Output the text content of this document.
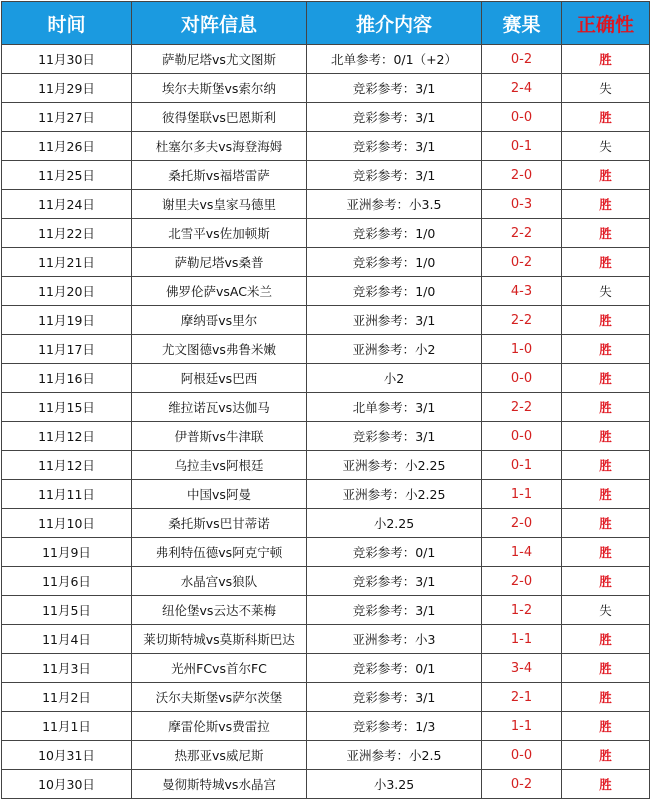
时间	对阵信息	推介内容	赛果	正确性
11月30日	萨勒尼塔vs尤文图斯	北单参考：0/1（+2）	0-2	胜
11月29日	埃尔夫斯堡vs索尔纳	竞彩参考：3/1	2-4	失
11月27日	彼得堡联vs巴恩斯利	竞彩参考：3/1	0-0	胜
11月26日	杜塞尔多夫vs海登海姆	竞彩参考：3/1	0-1	失
11月25日	桑托斯vs福塔雷萨	竞彩参考：3/1	2-0	胜
11月24日	谢里夫vs皇家马德里	亚洲参考：小3.5	0-3	胜
11月22日	北雪平vs佐加顿斯	竞彩参考：1/0	2-2	胜
11月21日	萨勒尼塔vs桑普	竞彩参考：1/0	0-2	胜
11月20日	佛罗伦萨vsAC米兰	竞彩参考：1/0	4-3	失
11月19日	摩纳哥vs里尔	亚洲参考：3/1	2-2	胜
11月17日	尤文图德vs弗鲁米嫩	亚洲参考：小2	1-0	胜
11月16日	阿根廷vs巴西	小2	0-0	胜
11月15日	维拉诺瓦vs达伽马	北单参考：3/1	2-2	胜
11月12日	伊普斯vs牛津联	竞彩参考：3/1	0-0	胜
11月12日	乌拉圭vs阿根廷	亚洲参考：小2.25	0-1	胜
11月11日	中国vs阿曼	亚洲参考：小2.25	1-1	胜
11月10日	桑托斯vs巴甘蒂诺	小2.25	2-0	胜
11月9日	弗利特伍德vs阿克宁顿	竞彩参考：0/1	1-4	胜
11月6日	水晶宫vs狼队	竞彩参考：3/1	2-0	胜
11月5日	纽伦堡vs云达不莱梅	竞彩参考：3/1	1-2	失
11月4日	莱切斯特城vs莫斯科斯巴达	亚洲参考：小3	1-1	胜
11月3日	光州FCvs首尔FC	竞彩参考：0/1	3-4	胜
11月2日	沃尔夫斯堡vs萨尔茨堡	竞彩参考：3/1	2-1	胜
11月1日	摩雷伦斯vs费雷拉	竞彩参考：1/3	1-1	胜
10月31日	热那亚vs威尼斯	亚洲参考：小2.5	0-0	胜
10月30日	曼彻斯特城vs水晶宫	小3.25	0-2	胜
